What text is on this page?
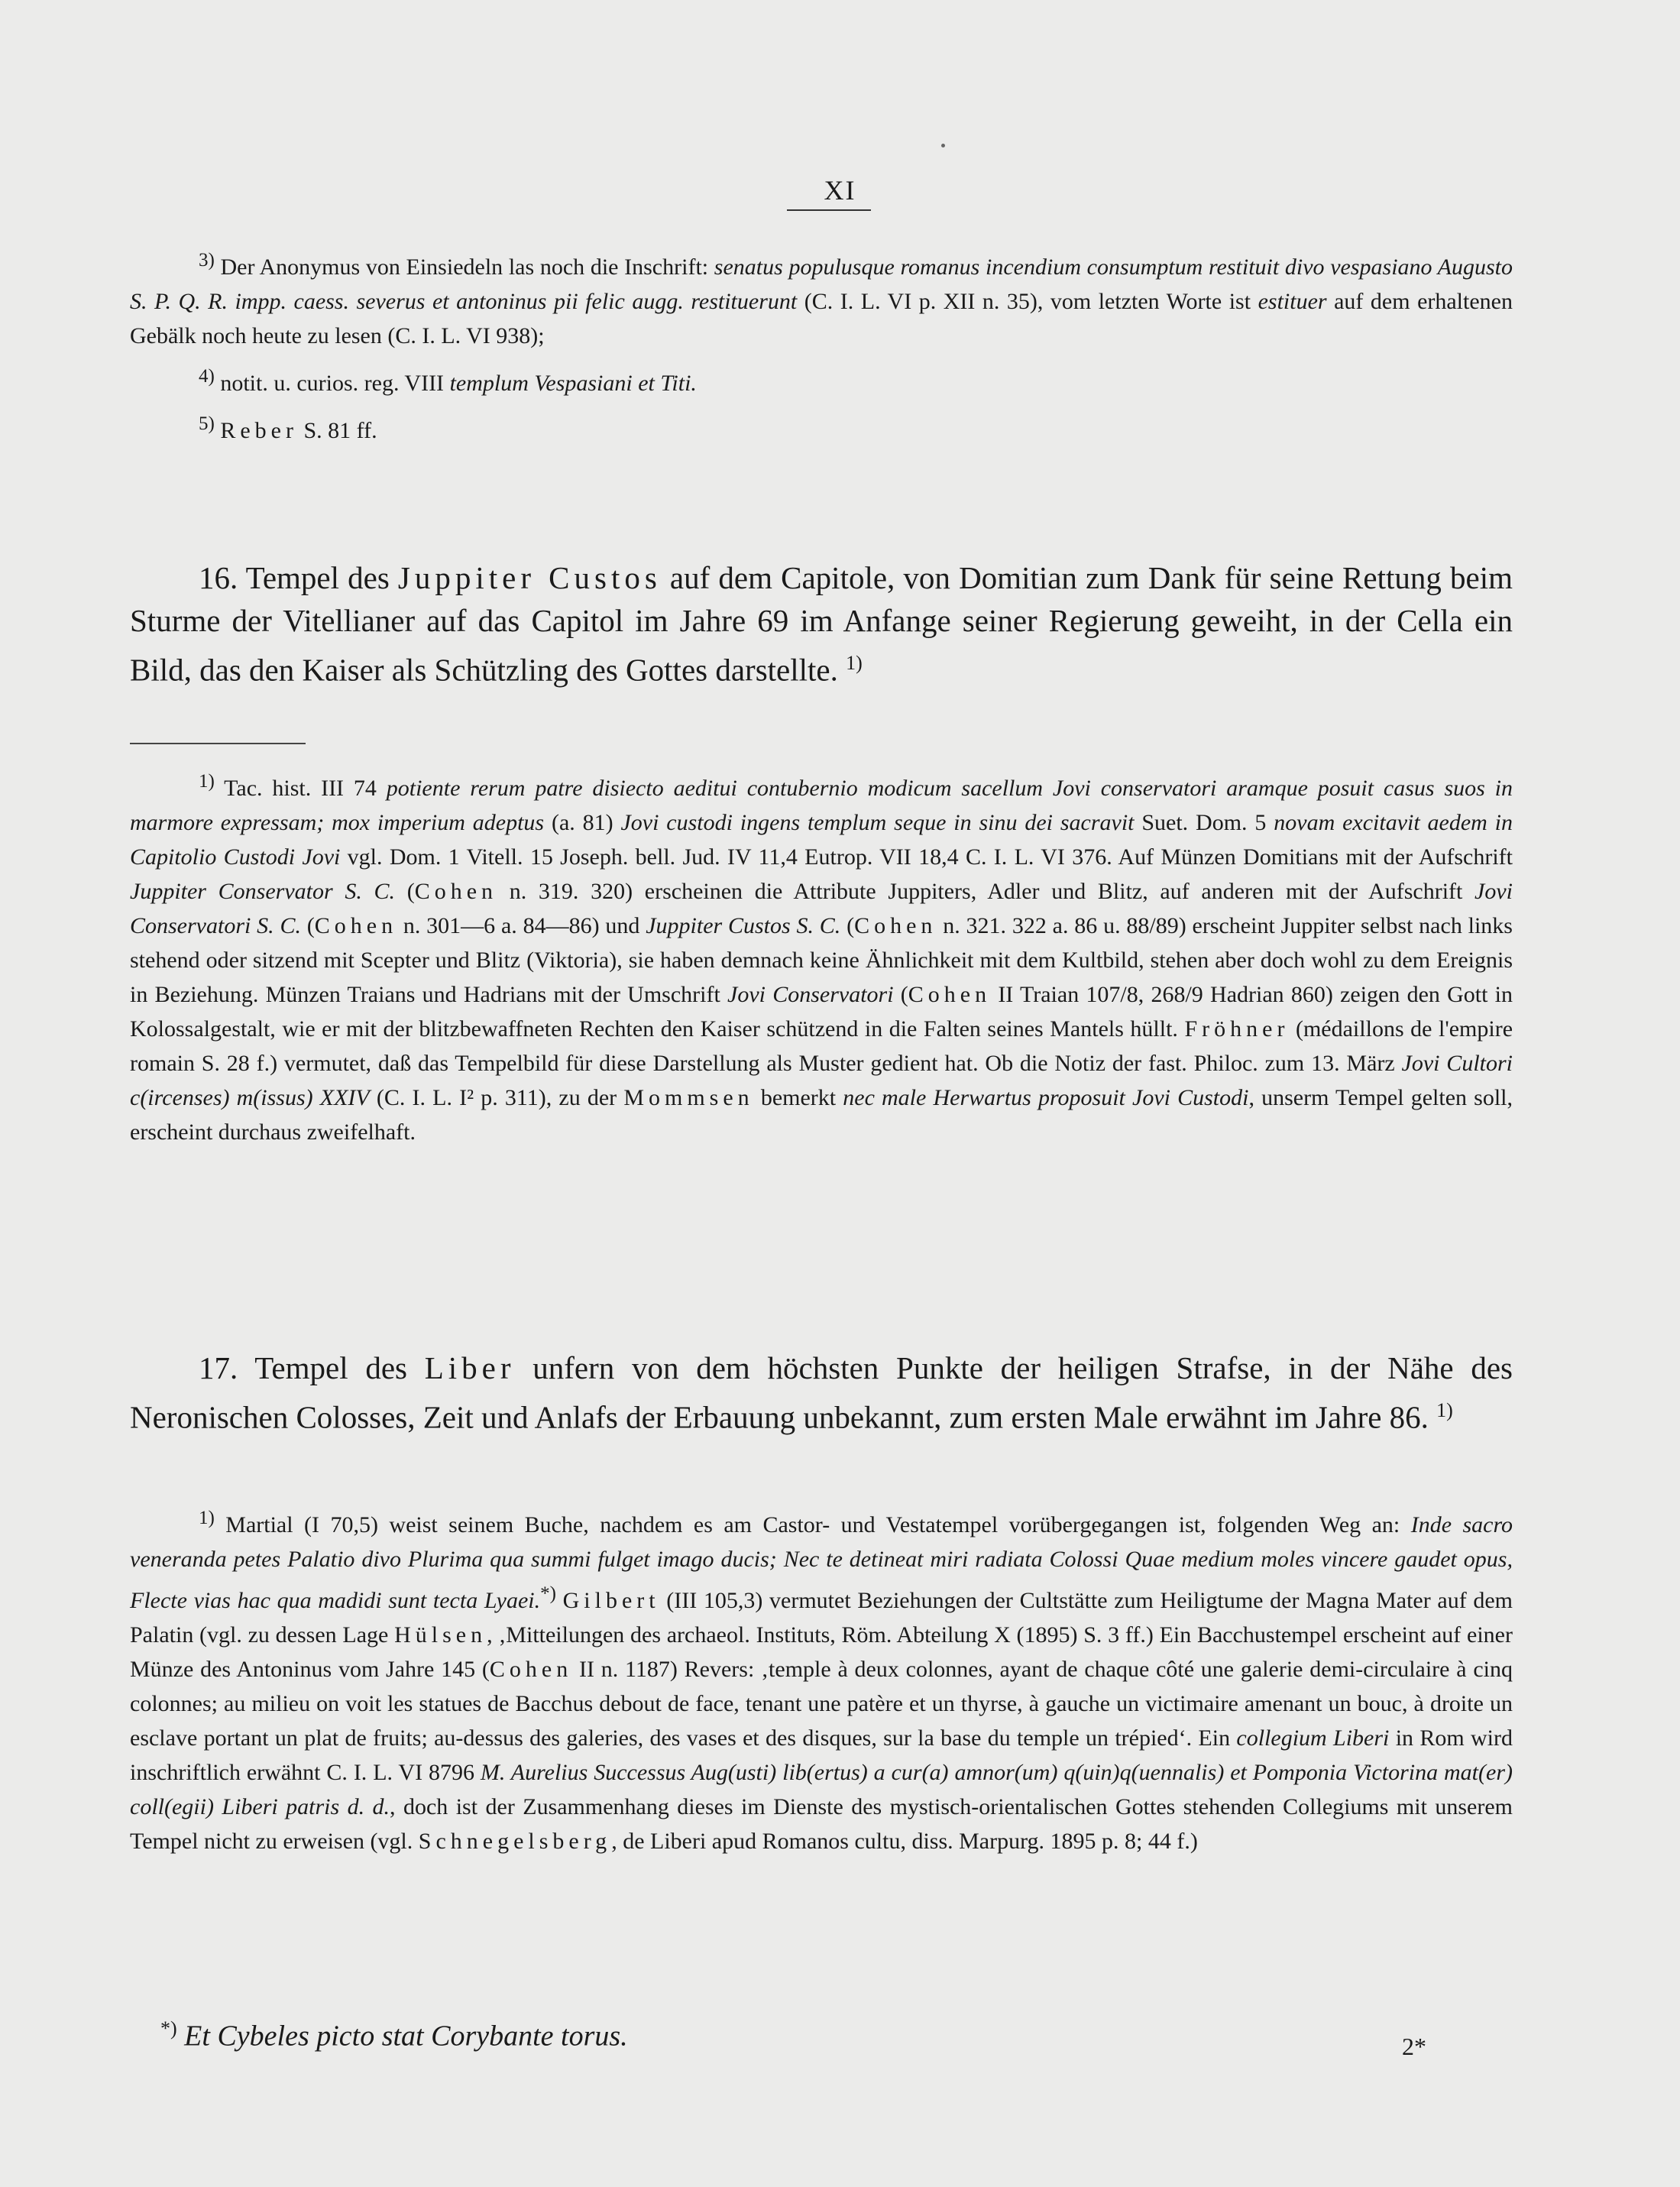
XI

$^{3)}$ Der Anonymus von Einsiedeln las noch die Inschrift: senatus populusque romanus incendium consumptum restituit divo vespasiano Augusto S. P. Q. R. impp. caess. severus et antoninus pii felic augg. restituerunt (C. I. L. VI p. XII n. 35), vom letzten Worte ist estituer auf dem erhaltenen Gebälk noch heute zu lesen (C. I. L. VI 938);

$^{4)}$ notit. u. curios. reg. VIII templum Vespasiani et Titi.

$^{5)}$ Reber S. 81 ff.

16. Tempel des Juppiter Custos auf dem Capitole, von Domitian zum Dank für seine Rettung beim Sturme der Vitellianer auf das Capitol im Jahre 69 im Anfange seiner Regierung geweiht, in der Cella ein Bild, das den Kaiser als Schützling des Gottes darstellte. $^{1)}$

$^{1)}$ Tac. hist. III 74 potiente rerum patre disiecto aeditui contubernio modicum sacellum Jovi conservatori aramque posuit casus suos in marmore expressam; mox imperium adeptus (a. 81) Jovi custodi ingens templum seque in sinu dei sacravit Suet. Dom. 5 novam excitavit aedem in Capitolio Custodi Jovi vgl. Dom. 1 Vitell. 15 Joseph. bell. Jud. IV 11,4 Eutrop. VII 18,4 C. I. L. VI 376. Auf Münzen Domitians mit der Aufschrift Juppiter Conservator S. C. (Cohen n. 319. 320) erscheinen die Attribute Juppiters, Adler und Blitz, auf anderen mit der Aufschrift Jovi Conservatori S. C. (Cohen n. 301—6 a. 84—86) und Juppiter Custos S. C. (Cohen n. 321. 322 a. 86 u. 88/89) erscheint Juppiter selbst nach links stehend oder sitzend mit Scepter und Blitz (Viktoria), sie haben demnach keine Ähnlichkeit mit dem Kultbild, stehen aber doch wohl zu dem Ereignis in Beziehung. Münzen Traians und Hadrians mit der Umschrift Jovi Conservatori (Cohen II Traian 107/8, 268/9 Hadrian 860) zeigen den Gott in Kolossalgestalt, wie er mit der blitzbewaffneten Rechten den Kaiser schützend in die Falten seines Mantels hüllt. Fröhner (médaillons de l'empire romain S. 28 f.) vermutet, daß das Tempelbild für diese Darstellung als Muster gedient hat. Ob die Notiz der fast. Philoc. zum 13. März Jovi Cultori c(ircenses) m(issus) XXIV (C. I. L. I² p. 311), zu der Mommsen bemerkt nec male Herwartus proposuit Jovi Custodi, unserm Tempel gelten soll, erscheint durchaus zweifelhaft.

17. Tempel des Liber unfern von dem höchsten Punkte der heiligen Strafse, in der Nähe des Neronischen Colosses, Zeit und Anlafs der Erbauung unbekannt, zum ersten Male erwähnt im Jahre 86. $^{1)}$

$^{1)}$ Martial (I 70,5) weist seinem Buche, nachdem es am Castor- und Vestatempel vorübergegangen ist, folgenden Weg an: Inde sacro veneranda petes Palatio divo Plurima qua summi fulget imago ducis; Nec te detineat miri radiata Colossi Quae medium moles vincere gaudet opus, Flecte vias hac qua madidi sunt tecta Lyaei.*) Gilbert (III 105,3) vermutet Beziehungen der Cultstätte zum Heiligtume der Magna Mater auf dem Palatin (vgl. zu dessen Lage Hülsen, ‚Mitteilungen des archaeol. Instituts, Röm. Abteilung X (1895) S. 3 ff.) Ein Bacchustempel erscheint auf einer Münze des Antoninus vom Jahre 145 (Cohen II n. 1187) Revers: ‚temple à deux colonnes, ayant de chaque côté une galerie demi-circulaire à cinq colonnes; au milieu on voit les statues de Bacchus debout de face, tenant une patère et un thyrse, à gauche un victimaire amenant un bouc, à droite un esclave portant un plat de fruits; au-dessus des galeries, des vases et des disques, sur la base du temple un trépied‘. Ein collegium Liberi in Rom wird inschriftlich erwähnt C. I. L. VI 8796 M. Aurelius Successus Aug(usti) lib(ertus) a cur(a) amnor(um) q(uin)q(uennalis) et Pomponia Victorina mat(er) coll(egii) Liberi patris d. d., doch ist der Zusammenhang dieses im Dienste des mystisch-orientalischen Gottes stehenden Collegiums mit unserem Tempel nicht zu erweisen (vgl. Schnegelsberg, de Liberi apud Romanos cultu, diss. Marpurg. 1895 p. 8; 44 f.)

*) Et Cybeles picto stat Corybante torus.	2*
